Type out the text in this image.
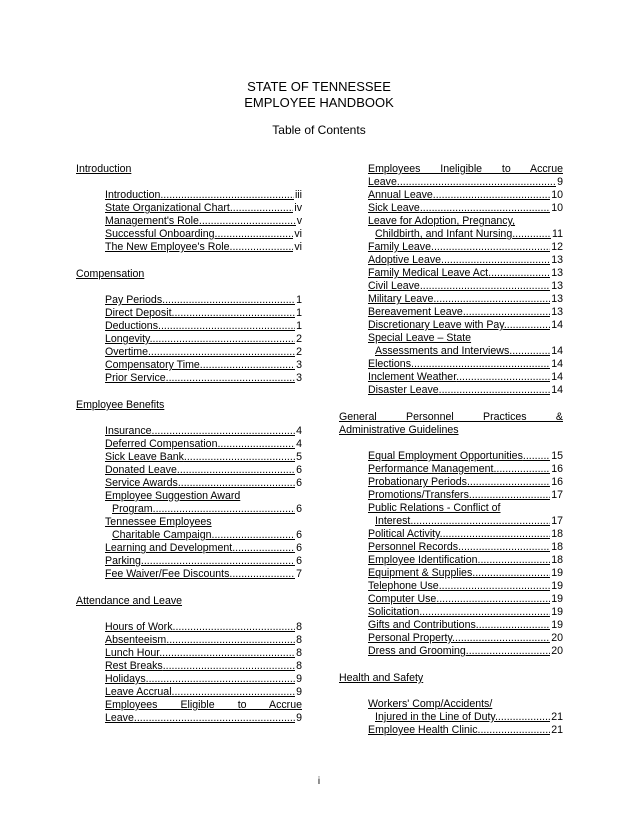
STATE OF TENNESSEE
EMPLOYEE HANDBOOK
Table of Contents
Introduction
Introduction .....	iii
State Organizational Chart .....	iv
Management's Role .....	v
Successful Onboarding .....	vi
The New Employee's Role .....	vi
Compensation
Pay Periods .....	1
Direct Deposit .....	1
Deductions .....	1
Longevity .....	2
Overtime .....	2
Compensatory Time .....	3
Prior Service .....	3
Employee Benefits
Insurance .....	4
Deferred Compensation .....	4
Sick Leave Bank .....	5
Donated Leave .....	6
Service Awards .....	6
Employee Suggestion Award
Program .....	6
Tennessee Employees
Charitable Campaign .....	6
Learning and Development .....	6
Parking .....	6
Fee Waiver/Fee Discounts .....	7
Attendance and Leave
Hours of Work .....	8
Absenteeism .....	8
Lunch Hour .....	8
Rest Breaks .....	8
Holidays .....	9
Leave Accrual .....	9
Employees Eligible to Accrue
Leave .....	9
Employees Ineligible to Accrue
Leave .....	9
Annual Leave .....	10
Sick Leave .....	10
Leave for Adoption, Pregnancy,
Childbirth, and Infant Nursing .....	11
Family Leave .....	12
Adoptive Leave .....	13
Family Medical Leave Act .....	13
Civil Leave .....	13
Military Leave .....	13
Bereavement Leave .....	13
Discretionary Leave with Pay .....	14
Special Leave – State
Assessments and Interviews .....	14
Elections .....	14
Inclement Weather .....	14
Disaster Leave .....	14
General Personnel Practices &
Administrative Guidelines
Equal Employment Opportunities .....	15
Performance Management .....	16
Probationary Periods .....	16
Promotions/Transfers .....	17
Public Relations - Conflict of
Interest .....	17
Political Activity .....	18
Personnel Records .....	18
Employee Identification .....	18
Equipment & Supplies .....	19
Telephone Use .....	19
Computer Use .....	19
Solicitation .....	19
Gifts and Contributions .....	19
Personal Property .....	20
Dress and Grooming .....	20
Health and Safety
Workers' Comp/Accidents/
Injured in the Line of Duty .....	21
Employee Health Clinic .....	21
i
